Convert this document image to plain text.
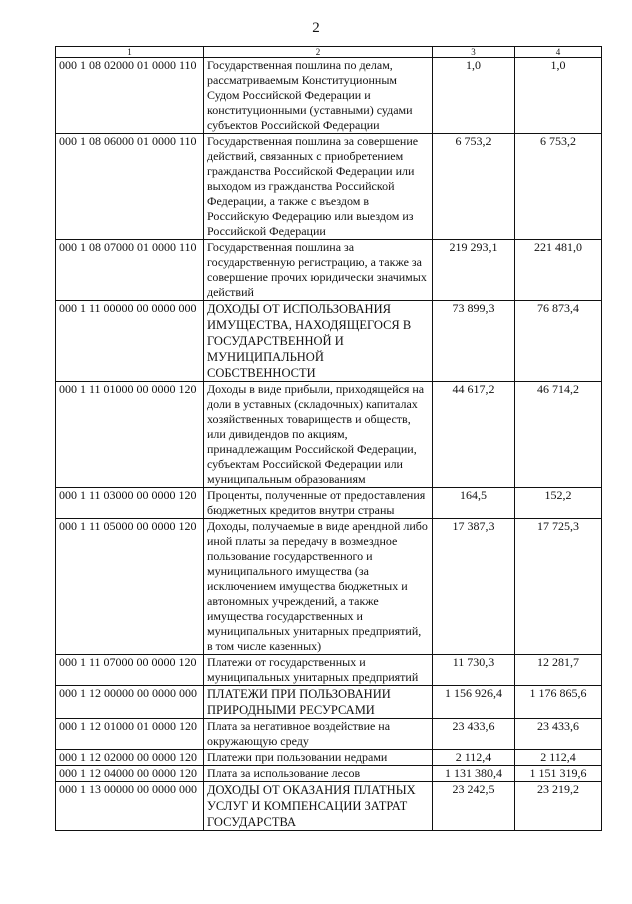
2
1	2	3	4
000 1 08 02000 01 0000 110	Государственная пошлина по делам, рассматриваемым Конституционным Судом Российской Федерации и конституционными (уставными) судами субъектов Российской Федерации	1,0	1,0
000 1 08 06000 01 0000 110	Государственная пошлина за совершение действий, связанных с приобретением гражданства Российской Федерации или выходом из гражданства Российской Федерации, а также с въездом в Российскую Федерацию или выездом из Российской Федерации	6 753,2	6 753,2
000 1 08 07000 01 0000 110	Государственная пошлина за государственную регистрацию, а также за совершение прочих юридически значимых действий	219 293,1	221 481,0
000 1 11 00000 00 0000 000	ДОХОДЫ ОТ ИСПОЛЬЗОВАНИЯ ИМУЩЕСТВА, НАХОДЯЩЕГОСЯ В ГОСУДАРСТВЕННОЙ И МУНИЦИПАЛЬНОЙ СОБСТВЕННОСТИ	73 899,3	76 873,4
000 1 11 01000 00 0000 120	Доходы в виде прибыли, приходящейся на доли в уставных (складочных) капиталах хозяйственных товариществ и обществ, или дивидендов по акциям, принадлежащим Российской Федерации, субъектам Российской Федерации или муниципальным образованиям	44 617,2	46 714,2
000 1 11 03000 00 0000 120	Проценты, полученные от предоставления бюджетных кредитов внутри страны	164,5	152,2
000 1 11 05000 00 0000 120	Доходы, получаемые в виде арендной либо иной платы за передачу в возмездное пользование государственного и муниципального имущества (за исключением имущества бюджетных и автономных учреждений, а также имущества государственных и муниципальных унитарных предприятий, в том числе казенных)	17 387,3	17 725,3
000 1 11 07000 00 0000 120	Платежи от государственных и муниципальных унитарных предприятий	11 730,3	12 281,7
000 1 12 00000 00 0000 000	ПЛАТЕЖИ ПРИ ПОЛЬЗОВАНИИ ПРИРОДНЫМИ РЕСУРСАМИ	1 156 926,4	1 176 865,6
000 1 12 01000 01 0000 120	Плата за негативное воздействие на окружающую среду	23 433,6	23 433,6
000 1 12 02000 00 0000 120	Платежи при пользовании недрами	2 112,4	2 112,4
000 1 12 04000 00 0000 120	Плата за использование лесов	1 131 380,4	1 151 319,6
000 1 13 00000 00 0000 000	ДОХОДЫ ОТ ОКАЗАНИЯ ПЛАТНЫХ УСЛУГ И КОМПЕНСАЦИИ ЗАТРАТ ГОСУДАРСТВА	23 242,5	23 219,2
